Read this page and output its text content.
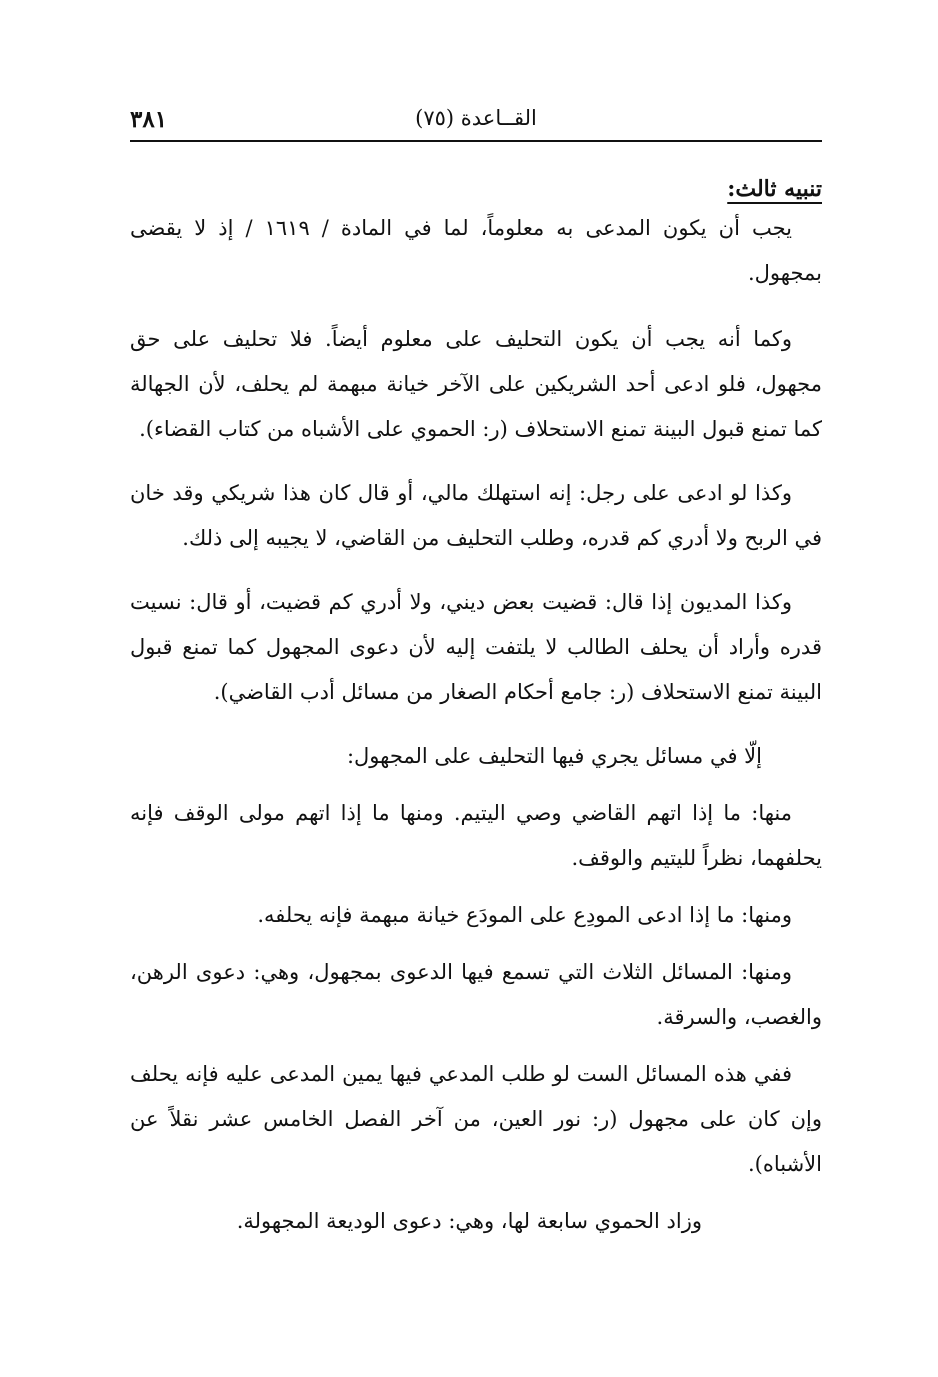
٣٨١	القــاعدة (٧٥)
تنبيه ثالث:

يجب أن يكون المدعى به معلوماً، لما في المادة / ١٦١٩ / إذ لا يقضى بمجهول.

وكما أنه يجب أن يكون التحليف على معلوم أيضاً. فلا تحليف على حق مجهول، فلو ادعى أحد الشريكين على الآخر خيانة مبهمة لم يحلف، لأن الجهالة كما تمنع قبول البينة تمنع الاستحلاف (ر: الحموي على الأشباه من كتاب القضاء).

وكذا لو ادعى على رجل: إنه استهلك مالي، أو قال كان هذا شريكي وقد خان في الربح ولا أدري كم قدره، وطلب التحليف من القاضي، لا يجيبه إلى ذلك.

وكذا المديون إذا قال: قضيت بعض ديني، ولا أدري كم قضيت، أو قال: نسيت قدره وأراد أن يحلف الطالب لا يلتفت إليه لأن دعوى المجهول كما تمنع قبول البينة تمنع الاستحلاف (ر: جامع أحكام الصغار من مسائل أدب القاضي).

إلّا في مسائل يجري فيها التحليف على المجهول:

منها: ما إذا اتهم القاضي وصي اليتيم. ومنها ما إذا اتهم مولى الوقف فإنه يحلفهما، نظراً لليتيم والوقف.

ومنها: ما إذا ادعى المودِع على المودَع خيانة مبهمة فإنه يحلفه.

ومنها: المسائل الثلاث التي تسمع فيها الدعوى بمجهول، وهي: دعوى الرهن، والغصب، والسرقة.

ففي هذه المسائل الست لو طلب المدعي فيها يمين المدعى عليه فإنه يحلف وإن كان على مجهول (ر: نور العين، من آخر الفصل الخامس عشر نقلاً عن الأشباه).

وزاد الحموي سابعة لها، وهي: دعوى الوديعة المجهولة.
